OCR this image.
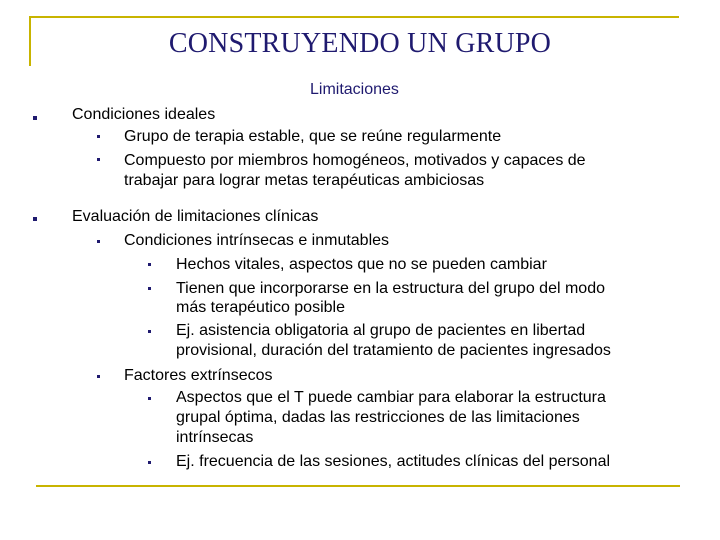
CONSTRUYENDO UN GRUPO
Limitaciones
Condiciones ideales
Grupo de terapia estable, que se reúne regularmente
Compuesto por miembros homogéneos, motivados y capaces de
trabajar para lograr metas terapéuticas ambiciosas
Evaluación de limitaciones clínicas
Condiciones intrínsecas e inmutables
Hechos vitales, aspectos que no se pueden cambiar
Tienen que incorporarse en la estructura del grupo del modo
más terapéutico posible
Ej. asistencia obligatoria al grupo de pacientes en libertad
provisional, duración del tratamiento de pacientes ingresados
Factores extrínsecos
Aspectos que el T puede cambiar para elaborar la estructura
grupal óptima, dadas las restricciones de las limitaciones
intrínsecas
Ej. frecuencia de las sesiones, actitudes clínicas del personal
